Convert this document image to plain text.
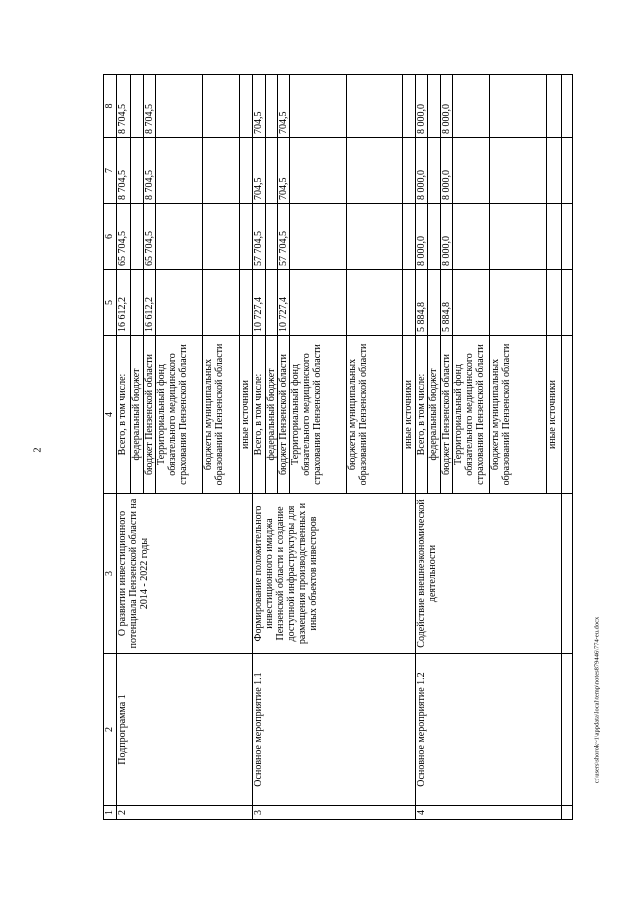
2
1	2	3	4	5	6	7	8
2	Подпрограмма 1	О развитии инвестиционного потенциала Пензенской области на 2014 - 2022 годы	Всего, в том числе:	16 612,2	65 704,5	8 704,5	8 704,5
			федеральный бюджет				
			бюджет Пензенской области	16 612,2	65 704,5	8 704,5	8 704,5
			Территориальный фонд обязательного медицинского страхования Пензенской области				
			бюджеты муниципальных образований Пензенской области				
			иные источники				
3	Основное мероприятие 1.1	Формирование положительного инвестиционного имиджа Пензенской области и создание доступной инфраструктуры для размещения производственных и иных объектов инвесторов	Всего, в том числе:	10 727,4	57 704,5	704,5	704,5
			федеральный бюджет				
			бюджет Пензенской области	10 727,4	57 704,5	704,5	704,5
			Территориальный фонд обязательного медицинского страхования Пензенской области				
			бюджеты муниципальных образований Пензенской области				
			иные источники				
4	Основное мероприятие 1.2	Содействие внешнеэкономической деятельности	Всего, в том числе:	5 884,8	8 000,0	8 000,0	8 000,0
			федеральный бюджет				
			бюджет Пензенской области	5 884,8	8 000,0	8 000,0	8 000,0
			Территориальный фонд обязательного медицинского страхования Пензенской области				
			бюджеты муниципальных образований Пензенской области				
			иные источники				

c:\users\shorok~1\appdata\local\temp\notes879446\774-eu.docx
